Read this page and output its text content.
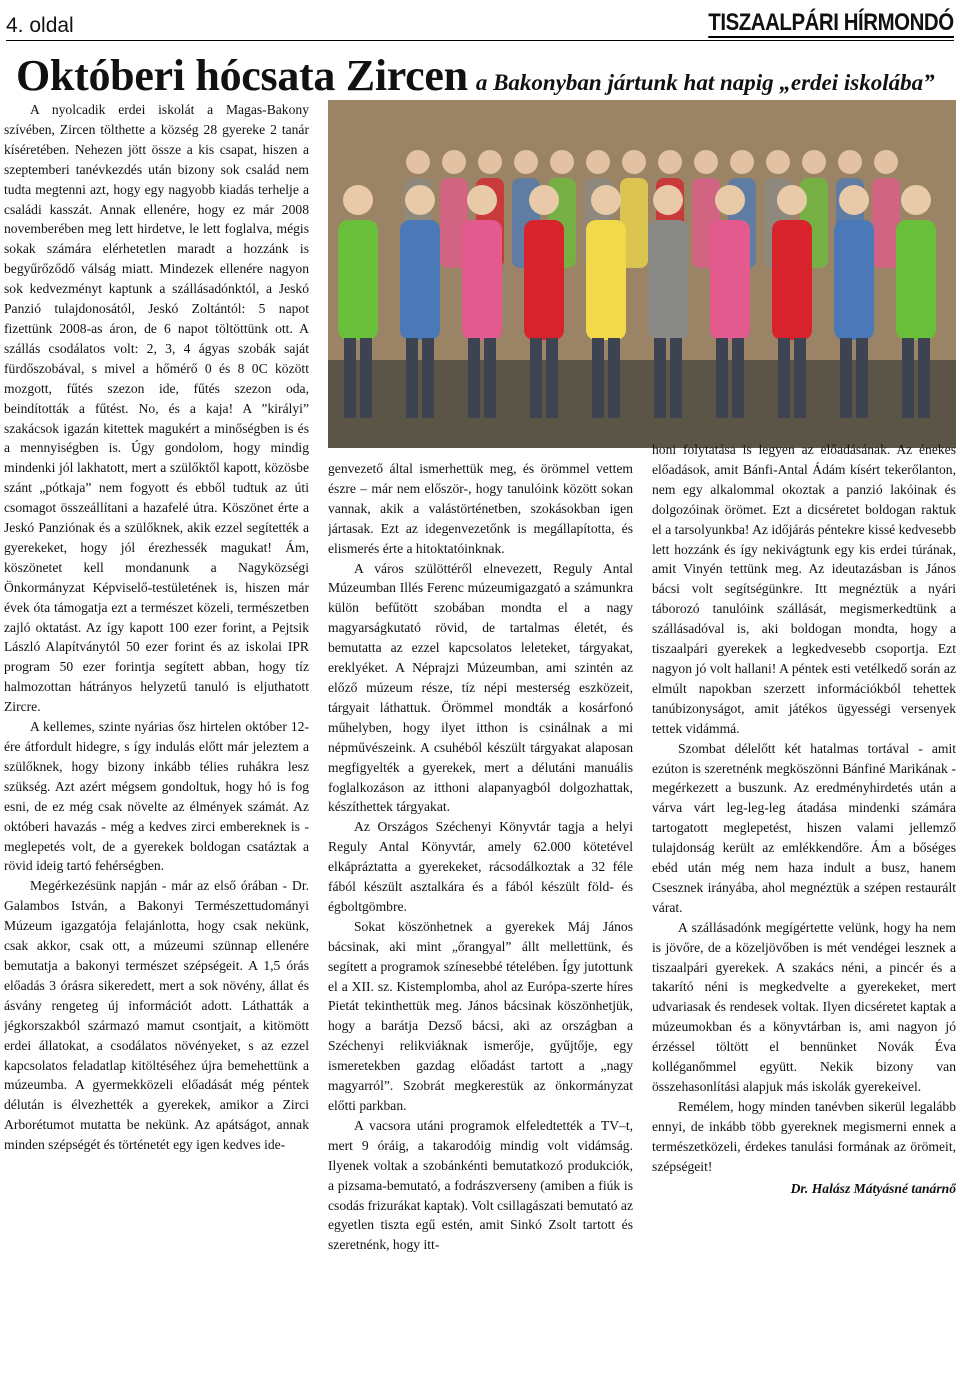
4. oldal	TISZAALPÁRI HÍRMONDÓ
Októberi hócsata Zircen a Bakonyban jártunk hat napig „erdei iskolába”

A nyolcadik erdei iskolát a Magas-Bakony szívében, Zircen tölthette a község 28 gyereke 2 tanár kíséretében. Nehezen jött össze a kis csapat, hiszen a szeptemberi tanévkezdés után bizony sok család nem tudta megtenni azt, hogy egy nagyobb kiadás terhelje a családi kasszát. Annak ellenére, hogy ez már 2008 novemberében meg lett hirdetve, le lett foglalva, mégis sokak számára elérhetetlen maradt a hozzánk is begyűrőződő válság miatt. Mindezek ellenére nagyon sok kedvezményt kaptunk a szállásadónktól, a Jeskó Panzió tulajdonosától, Jeskó Zoltántól: 5 napot fizettünk 2008-as áron, de 6 napot töltöttünk ott. A szállás csodálatos volt: 2, 3, 4 ágyas szobák saját fürdőszobával, s mivel a hőmérő 0 és 8 0C között mozgott, fűtés szezon ide, fűtés szezon oda, beindították a fűtést. No, és a kaja! A ”királyi” szakácsok igazán kitettek magukért a minőségben is és a mennyiségben is. Úgy gondolom, hogy mindig mindenki jól lakhatott, mert a szülőktől kapott, közösbe szánt „pótkaja” nem fogyott és ebből tudtuk az úti csomagot összeállítani a hazafelé útra. Köszönet érte a Jeskó Panziónak és a szülőknek, akik ezzel segítették a gyerekeket, hogy jól érezhessék magukat! Ám, köszönetet kell mondanunk a Nagyközségi Önkormányzat Képviselő-testületének is, hiszen már évek óta támogatja ezt a természet közeli, természetben zajló oktatást. Az így kapott 100 ezer forint, a Pejtsik László Alapítványtól 50 ezer forint és az iskolai IPR program 50 ezer forintja segített abban, hogy tíz halmozottan hátrányos helyzetű tanuló is eljuthatott Zircre.

A kellemes, szinte nyárias ősz hirtelen október 12-ére átfordult hidegre, s így indulás előtt már jeleztem a szülőknek, hogy bizony inkább télies ruhákra lesz szükség. Azt azért mégsem gondoltuk, hogy hó is fog esni, de ez még csak növelte az élmények számát. Az októberi havazás - még a kedves zirci embereknek is - meglepetés volt, de a gyerekek boldogan csatáztak a rövid ideig tartó fehérségben.

Megérkezésünk napján - már az első órában - Dr. Galambos István, a Bakonyi Természettudományi Múzeum igazgatója felajánlotta, hogy csak nekünk, csak akkor, csak ott, a múzeumi szünnap ellenére bemutatja a bakonyi természet szépségeit. A 1,5 órás előadás 3 órásra sikeredett, mert a sok növény, állat és ásvány rengeteg új információt adott. Láthatták a jégkorszakból származó mamut csontjait, a kitömött erdei állatokat, a csodálatos növényeket, s az ezzel kapcsolatos feladatlap kitöltéséhez újra bemehettünk a múzeumba. A gyermekközeli előadását még péntek délután is élvezhették a gyerekek, amikor a Zirci Arborétumot mutatta be nekünk. Az apátságot, annak minden szépségét és történetét egy igen kedves ide-

genvezető által ismerhettük meg, és örömmel vettem észre – már nem először-, hogy tanulóink között sokan vannak, akik a valástörténetben, szokásokban igen jártasak. Ezt az idegenvezetőnk is megállapította, és elismerés érte a hitoktatóinknak.

A város szülöttéről elnevezett, Reguly Antal Múzeumban Illés Ferenc múzeumigazgató a számunkra külön befűtött szobában mondta el a nagy magyarságkutató rövid, de tartalmas életét, és bemutatta az ezzel kapcsolatos leleteket, tárgyakat, ereklyéket. A Néprajzi Múzeumban, ami szintén az előző múzeum része, tíz népi mesterség eszközeit, tárgyait láthattuk. Örömmel mondták a kosárfonó műhelyben, hogy ilyet itthon is csinálnak a mi népművészeink. A csuhéból készült tárgyakat alaposan megfigyelték a gyerekek, mert a délutáni manuális foglalkozáson az itthoni alapanyagból dolgozhattak, készíthettek tárgyakat.

Az Országos Széchenyi Könyvtár tagja a helyi Reguly Antal Könyvtár, amely 62.000 kötetével elkápráztatta a gyerekeket, rácsodálkoztak a 32 féle fából készült asztalkára és a fából készült föld- és égboltgömbre.

Sokat köszönhetnek a gyerekek Máj János bácsinak, aki mint „őrangyal” állt mellettünk, és segített a programok színesebbé tételében. Így jutottunk el a XII. sz. Kistemplomba, ahol az Európa-szerte híres Pietát tekinthettük meg. János bácsinak köszönhetjük, hogy a barátja Dezső bácsi, aki az országban a Széchenyi relikviáknak ismerője, gyűjtője, egy ismeretekben gazdag előadást tartott a „nagy magyarról”. Szobrát megkerestük az önkormányzat előtti parkban.

A vacsora utáni programok elfeledtették a TV–t, mert 9 óráig, a takarodóig mindig volt vidámság. Ilyenek voltak a szobánkénti bemutatkozó produkciók, a pizsama-bemutató, a fodrászverseny (amiben a fiúk is csodás frizurákat kaptak). Volt csillagászati bemutató az egyetlen tiszta egű estén, amit Sinkó Zsolt tartott és szeretnénk, hogy itt-

honi folytatása is legyen az előadásának. Az énekes előadások, amit Bánfi-Antal Ádám kísért tekerőlanton, nem egy alkalommal okoztak a panzió lakóinak és dolgozóinak örömet. Ezt a dicséretet boldogan raktuk el a tarsolyunkba! Az időjárás péntekre kissé kedvesebb lett hozzánk és így nekivágtunk egy kis erdei túrának, amit Vinyén tettünk meg. Az ideutazásban is János bácsi volt segítségünkre. Itt megnéztük a nyári táborozó tanulóink szállását, megismerkedtünk a szállásadóval is, aki boldogan mondta, hogy a tiszaalpári gyerekek a legkedvesebb csoportja. Ezt nagyon jó volt hallani! A péntek esti vetélkedő során az elmúlt napokban szerzett információkból tehettek tanúbizonyságot, amit játékos ügyességi versenyek tettek vidámmá.

Szombat délelőtt két hatalmas tortával - amit ezúton is szeretnénk megköszönni Bánfiné Marikának - megérkezett a buszunk. Az eredményhirdetés után a várva várt leg-leg-leg átadása mindenki számára tartogatott meglepetést, hiszen valami jellemző tulajdonság került az emlékkendőre. Ám a bőséges ebéd után még nem haza indult a busz, hanem Csesznek irányába, ahol megnéztük a szépen restaurált várat.

A szállásadónk megígértette velünk, hogy ha nem is jövőre, de a közeljövőben is mét vendégei lesznek a tiszaalpári gyerekek. A szakács néni, a pincér és a takarító néni is megkedvelte a gyerekeket, mert udvariasak és rendesek voltak. Ilyen dicséretet kaptak a múzeumokban és a könyvtárban is, ami nagyon jó érzéssel töltött el bennünket Novák Éva kolléganőmmel együtt. Nekik bizony van összehasonlítási alapjuk más iskolák gyerekeivel.

Remélem, hogy minden tanévben sikerül legalább ennyi, de inkább több gyereknek megismerni ennek a természetközeli, érdekes tanulási formának az örömeit, szépségeit!

Dr. Halász Mátyásné tanárnő
